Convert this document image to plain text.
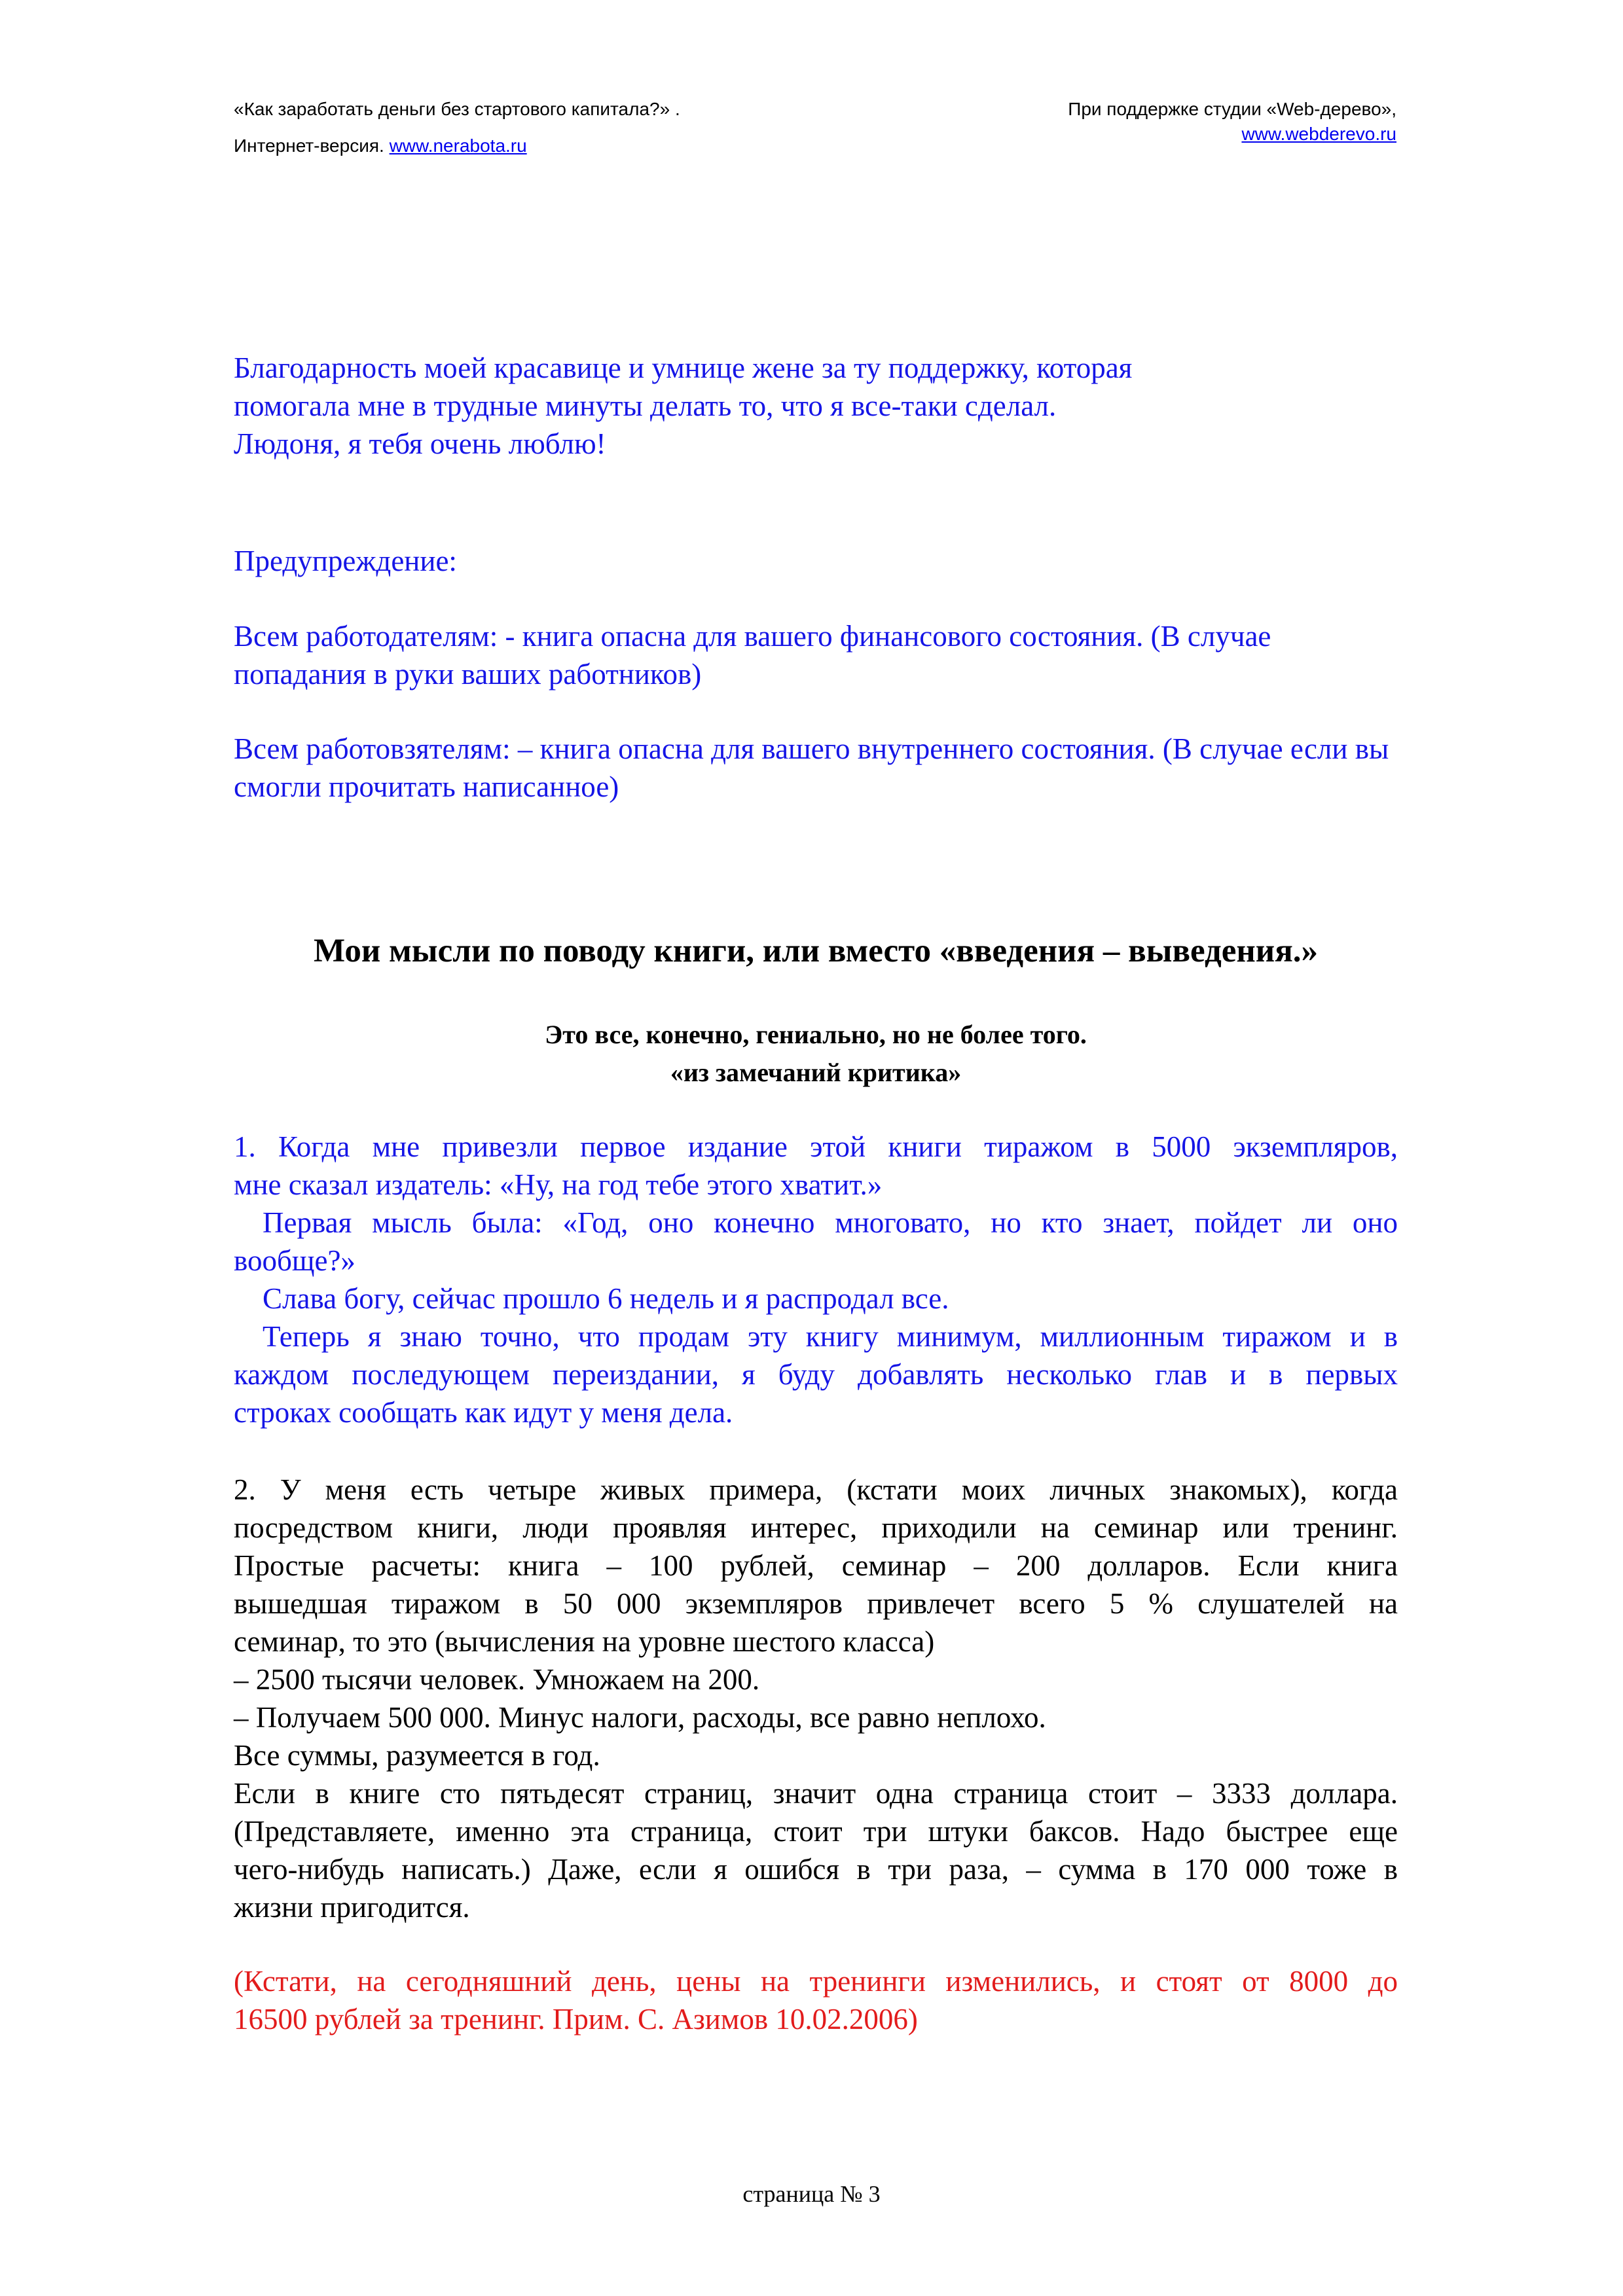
«Как заработать деньги без стартового капитала?» .
Интернет-версия. www.nerabota.ru
При поддержке студии «Web-дерево»,
www.webderevo.ru
Благодарность моей красавице и умнице жене за ту поддержку, которая
помогала мне в трудные минуты делать то, что я все-таки сделал.
Людоня, я тебя очень люблю!
Предупреждение:
Всем работодателям: - книга опасна для вашего финансового состояния. (В случае попадания в руки ваших работников)
Всем работовзятелям: – книга опасна для вашего внутреннего состояния. (В случае если вы смогли прочитать написанное)
Мои мысли по поводу книги, или вместо «введения – выведения.»
Это все, конечно, гениально, но не более того.
«из замечаний критика»
1. Когда мне привезли первое издание этой книги тиражом в 5000 экземпляров,
мне сказал издатель: «Ну, на год тебе этого хватит.»
Первая мысль была: «Год, оно конечно многовато, но кто знает, пойдет ли оно
вообще?»
Слава богу, сейчас прошло 6 недель и я распродал все.
Теперь я знаю точно, что продам эту книгу минимум, миллионным тиражом и в
каждом последующем переиздании, я буду добавлять несколько глав и в первых
строках сообщать как идут у меня дела.
2. У меня есть четыре живых примера, (кстати моих личных знакомых), когда
посредством книги, люди проявляя интерес, приходили на семинар или тренинг.
Простые расчеты: книга – 100 рублей, семинар – 200 долларов. Если книга
вышедшая тиражом в 50 000 экземпляров привлечет всего 5 % слушателей на
семинар, то это (вычисления на уровне шестого класса)
– 2500 тысячи человек. Умножаем на 200.
– Получаем 500 000. Минус налоги, расходы, все равно неплохо.
Все суммы, разумеется в год.
Если в книге сто пятьдесят страниц, значит одна страница стоит – 3333 доллара.
(Представляете, именно эта страница, стоит три штуки баксов. Надо быстрее еще
чего-нибудь написать.) Даже, если я ошибся в три раза, – сумма в 170 000 тоже в
жизни пригодится.
(Кстати, на сегодняшний день, цены на тренинги изменились, и стоят от 8000 до
16500 рублей за тренинг. Прим. С. Азимов 10.02.2006)
страница № 3
